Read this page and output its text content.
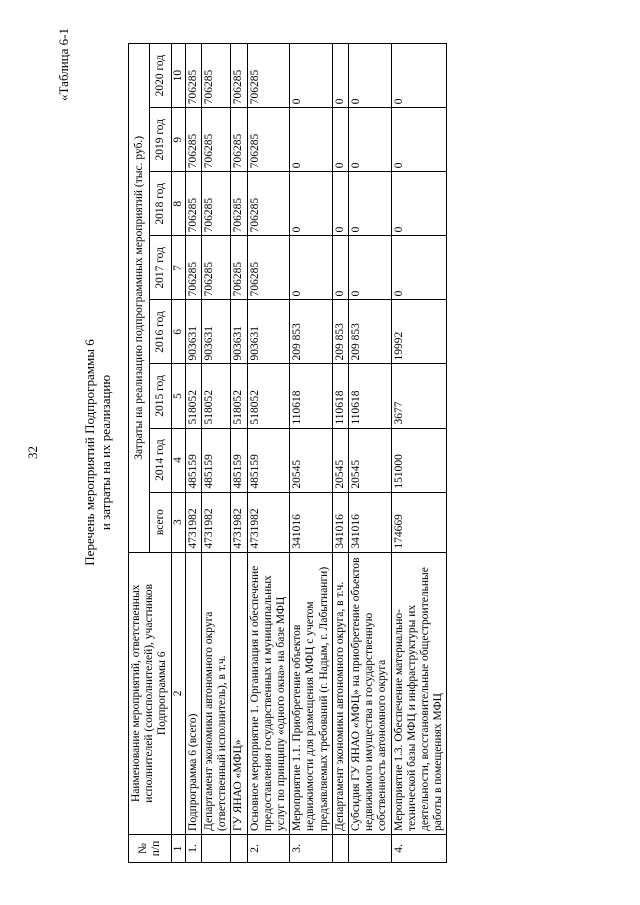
32
«Таблица 6-1
Перечень мероприятий Подпрограммы 6 и затраты на их реализацию
№ п/п	Наименование мероприятий, ответственных исполнителей (соисполнителей), участников Подпрограммы 6	Затраты на реализацию подпрограммных мероприятий (тыс. руб.)							
		всего	2014 год	2015 год	2016 год	2017 год	2018 год	2019 год	2020 год
1	2	3	4	5	6	7	8	9	10
1.	Подпрограмма 6 (всего)	4731982	485159	518052	903631	706285	706285	706285	706285
	Департамент экономики автономного округа (ответственный исполнитель), в т.ч.	4731982	485159	518052	903631	706285	706285	706285	706285
	ГУ ЯНАО «МФЦ»	4731982	485159	518052	903631	706285	706285	706285	706285
2.	Основное мероприятие 1. Организация и обеспечение предоставления государственных и муниципальных услуг по принципу «одного окна» на базе МФЦ	4731982	485159	518052	903631	706285	706285	706285	706285
3.	Мероприятие 1.1. Приобретение объектов недвижимости для размещения МФЦ с учетом предъявляемых требований (г. Надым, г. Лабытнанги)	341016	20545	110618	209 853	0	0	0	0
	Департамент экономики автономного округа, в т.ч.	341016	20545	110618	209 853	0	0	0	0
	Субсидия ГУ ЯНАО «МФЦ» на приобретение объектов недвижимого имущества в государственную собственность автономного округа	341016	20545	110618	209 853	0	0	0	0
4.	Мероприятие 1.3. Обеспечение материально-технической базы МФЦ и инфраструктуры их деятельности, восстановительные общестроительные работы в помещениях МФЦ	174669	151000	3677	19992	0	0	0	0
